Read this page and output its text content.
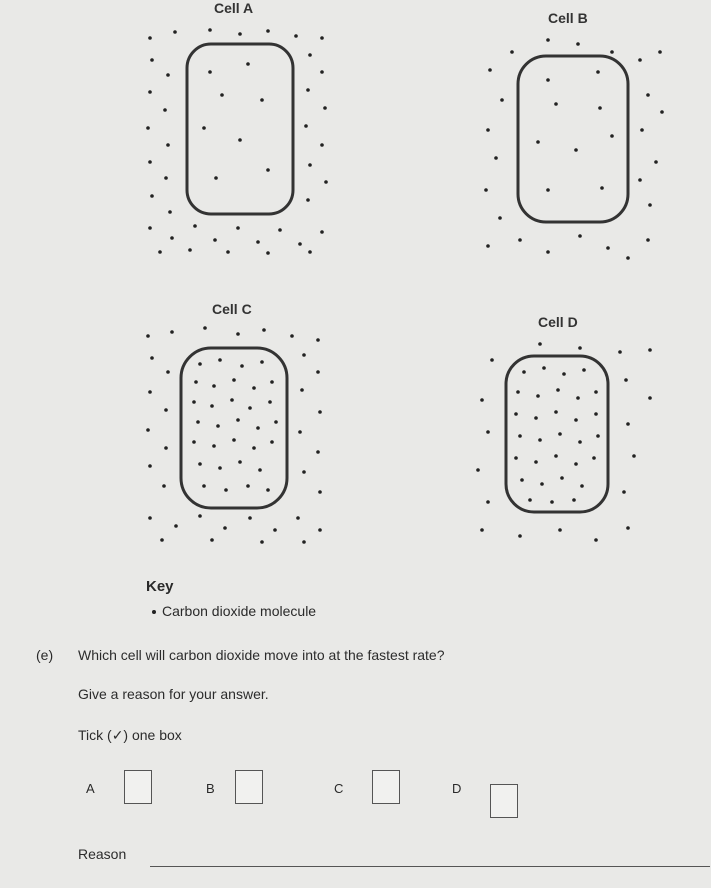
Cell A
Cell B
Cell C
Cell D
Key
Carbon dioxide molecule
(e) Which cell will carbon dioxide move into at the fastest rate?
Give a reason for your answer.
Tick (✓) one box
A	B	C	D
Reason
